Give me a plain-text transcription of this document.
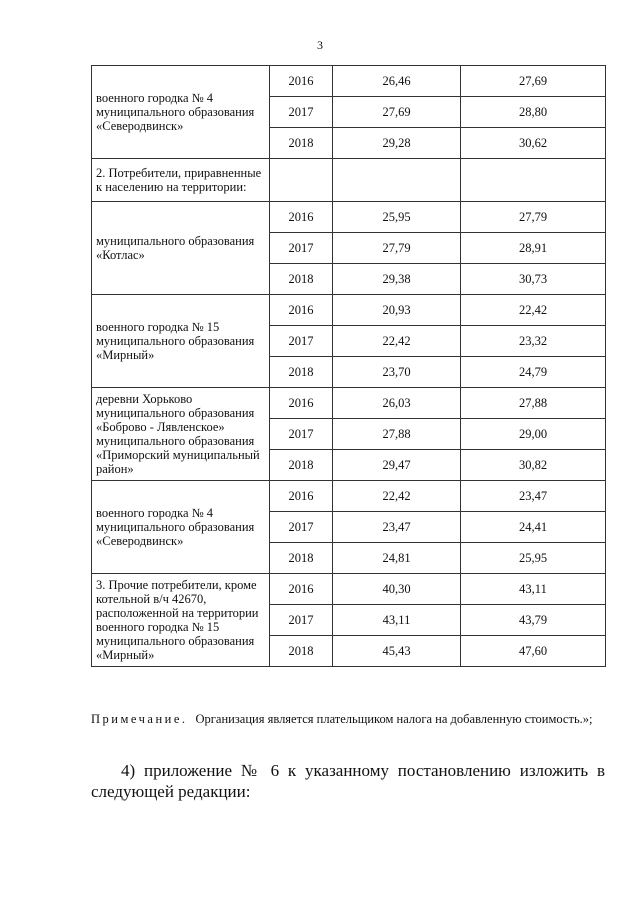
3
военного городка № 4 муниципального образования «Северодвинск»	2016	26,46	27,69
	2017	27,69	28,80
	2018	29,28	30,62
2. Потребители, приравненные к населению на территории:			
муниципального образования «Котлас»	2016	25,95	27,79
	2017	27,79	28,91
	2018	29,38	30,73
военного городка № 15 муниципального образования «Мирный»	2016	20,93	22,42
	2017	22,42	23,32
	2018	23,70	24,79
деревни Хорьково муниципального образования «Боброво - Лявленское» муниципального образования «Приморский муниципальный район»	2016	26,03	27,88
	2017	27,88	29,00
	2018	29,47	30,82
военного городка № 4 муниципального образования «Северодвинск»	2016	22,42	23,47
	2017	23,47	24,41
	2018	24,81	25,95
3. Прочие потребители, кроме котельной в/ч 42670, расположенной на территории военного городка № 15 муниципального образования «Мирный»	2016	40,30	43,11
	2017	43,11	43,79
	2018	45,43	47,60
Примечание. Организация является плательщиком налога на добавленную стоимость.»;
4) приложение № 6 к указанному постановлению изложить в следующей редакции:
